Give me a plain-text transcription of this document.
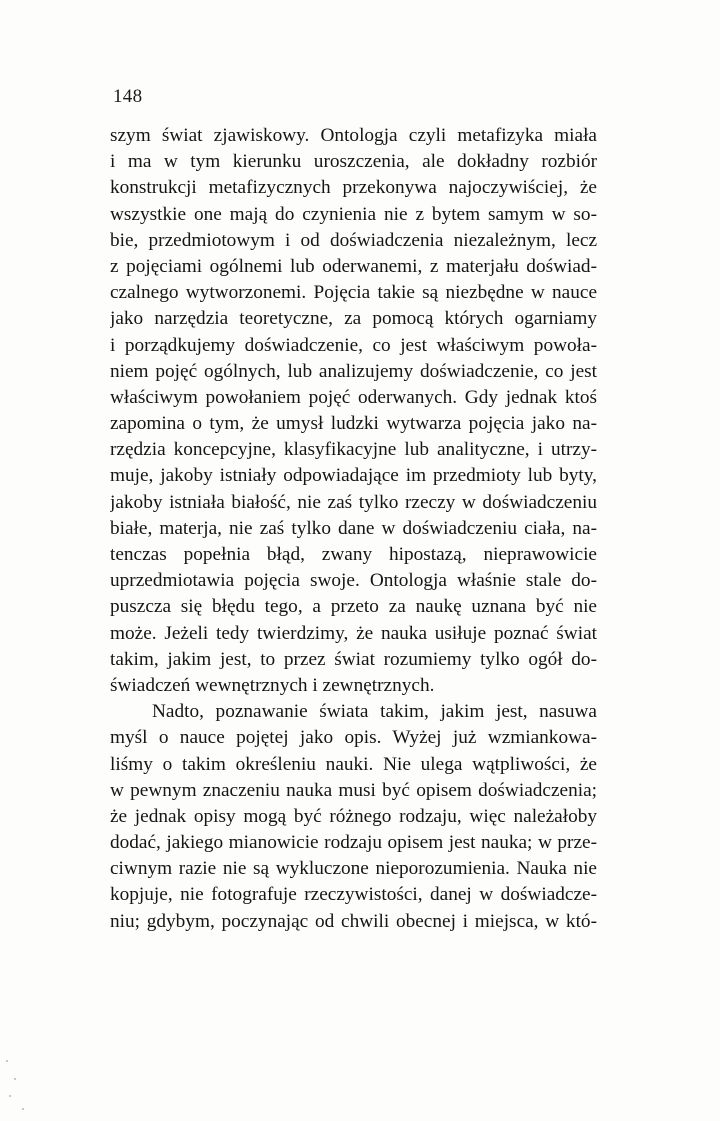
148
szym świat zjawiskowy. Ontologja czyli metafizyka miała
i ma w tym kierunku uroszczenia, ale dokładny rozbiór
konstrukcji metafizycznych przekonywa najoczywiściej, że
wszystkie one mają do czynienia nie z bytem samym w so-
bie, przedmiotowym i od doświadczenia niezależnym, lecz
z pojęciami ogólnemi lub oderwanemi, z materjału doświad-
czalnego wytworzonemi. Pojęcia takie są niezbędne w nauce
jako narzędzia teoretyczne, za pomocą których ogarniamy
i porządkujemy doświadczenie, co jest właściwym powoła-
niem pojęć ogólnych, lub analizujemy doświadczenie, co jest
właściwym powołaniem pojęć oderwanych. Gdy jednak ktoś
zapomina o tym, że umysł ludzki wytwarza pojęcia jako na-
rzędzia koncepcyjne, klasyfikacyjne lub analityczne, i utrzy-
muje, jakoby istniały odpowiadające im przedmioty lub byty,
jakoby istniała białość, nie zaś tylko rzeczy w doświadczeniu
białe, materja, nie zaś tylko dane w doświadczeniu ciała, na-
tenczas popełnia błąd, zwany hipostazą, nieprawowicie
uprzedmiotawia pojęcia swoje. Ontologja właśnie stale do-
puszcza się błędu tego, a przeto za naukę uznana być nie
może. Jeżeli tedy twierdzimy, że nauka usiłuje poznać świat
takim, jakim jest, to przez świat rozumiemy tylko ogół do-
świadczeń wewnętrznych i zewnętrznych.
Nadto, poznawanie świata takim, jakim jest, nasuwa
myśl o nauce pojętej jako opis. Wyżej już wzmiankowa-
liśmy o takim określeniu nauki. Nie ulega wątpliwości, że
w pewnym znaczeniu nauka musi być opisem doświadczenia;
że jednak opisy mogą być różnego rodzaju, więc należałoby
dodać, jakiego mianowicie rodzaju opisem jest nauka; w prze-
ciwnym razie nie są wykluczone nieporozumienia. Nauka nie
kopjuje, nie fotografuje rzeczywistości, danej w doświadcze-
niu; gdybym, poczynając od chwili obecnej i miejsca, w któ-
